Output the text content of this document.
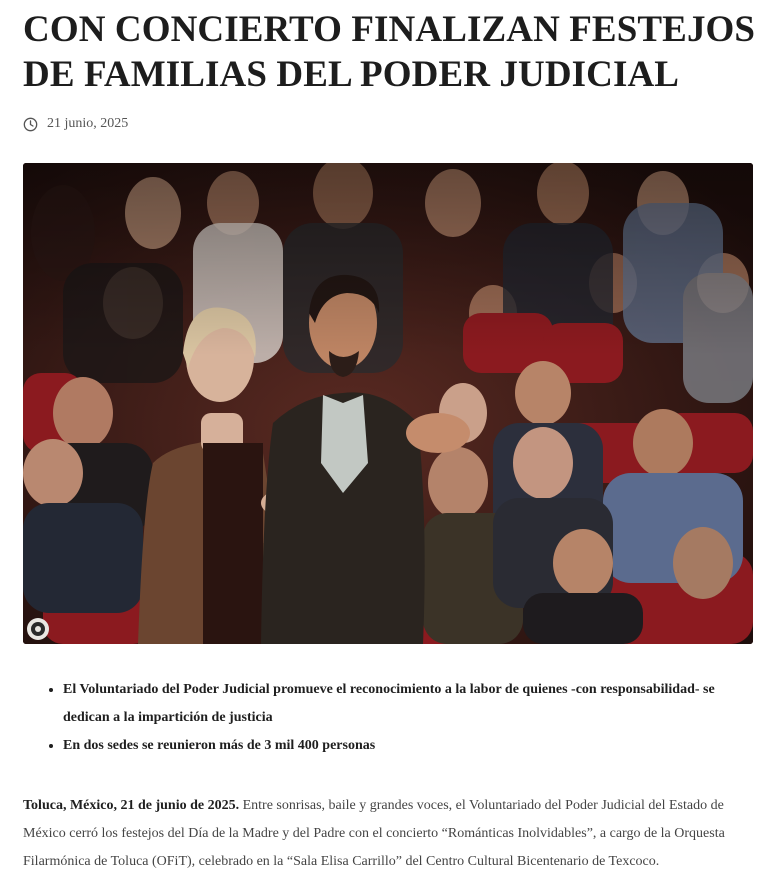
CON CONCIERTO FINALIZAN FESTEJOS DE FAMILIAS DEL PODER JUDICIAL
21 junio, 2025
• El Voluntariado del Poder Judicial promueve el reconocimiento a la labor de quienes -con responsabilidad- se dedican a la impartición de justicia
• En dos sedes se reunieron más de 3 mil 400 personas

Toluca, México, 21 de junio de 2025. Entre sonrisas, baile y grandes voces, el Voluntariado del Poder Judicial del Estado de México cerró los festejos del Día de la Madre y del Padre con el concierto “Románticas Inolvidables”, a cargo de la Orquesta Filarmónica de Toluca (OFiT), celebrado en la “Sala Elisa Carrillo” del Centro Cultural Bicentenario de Texcoco.
